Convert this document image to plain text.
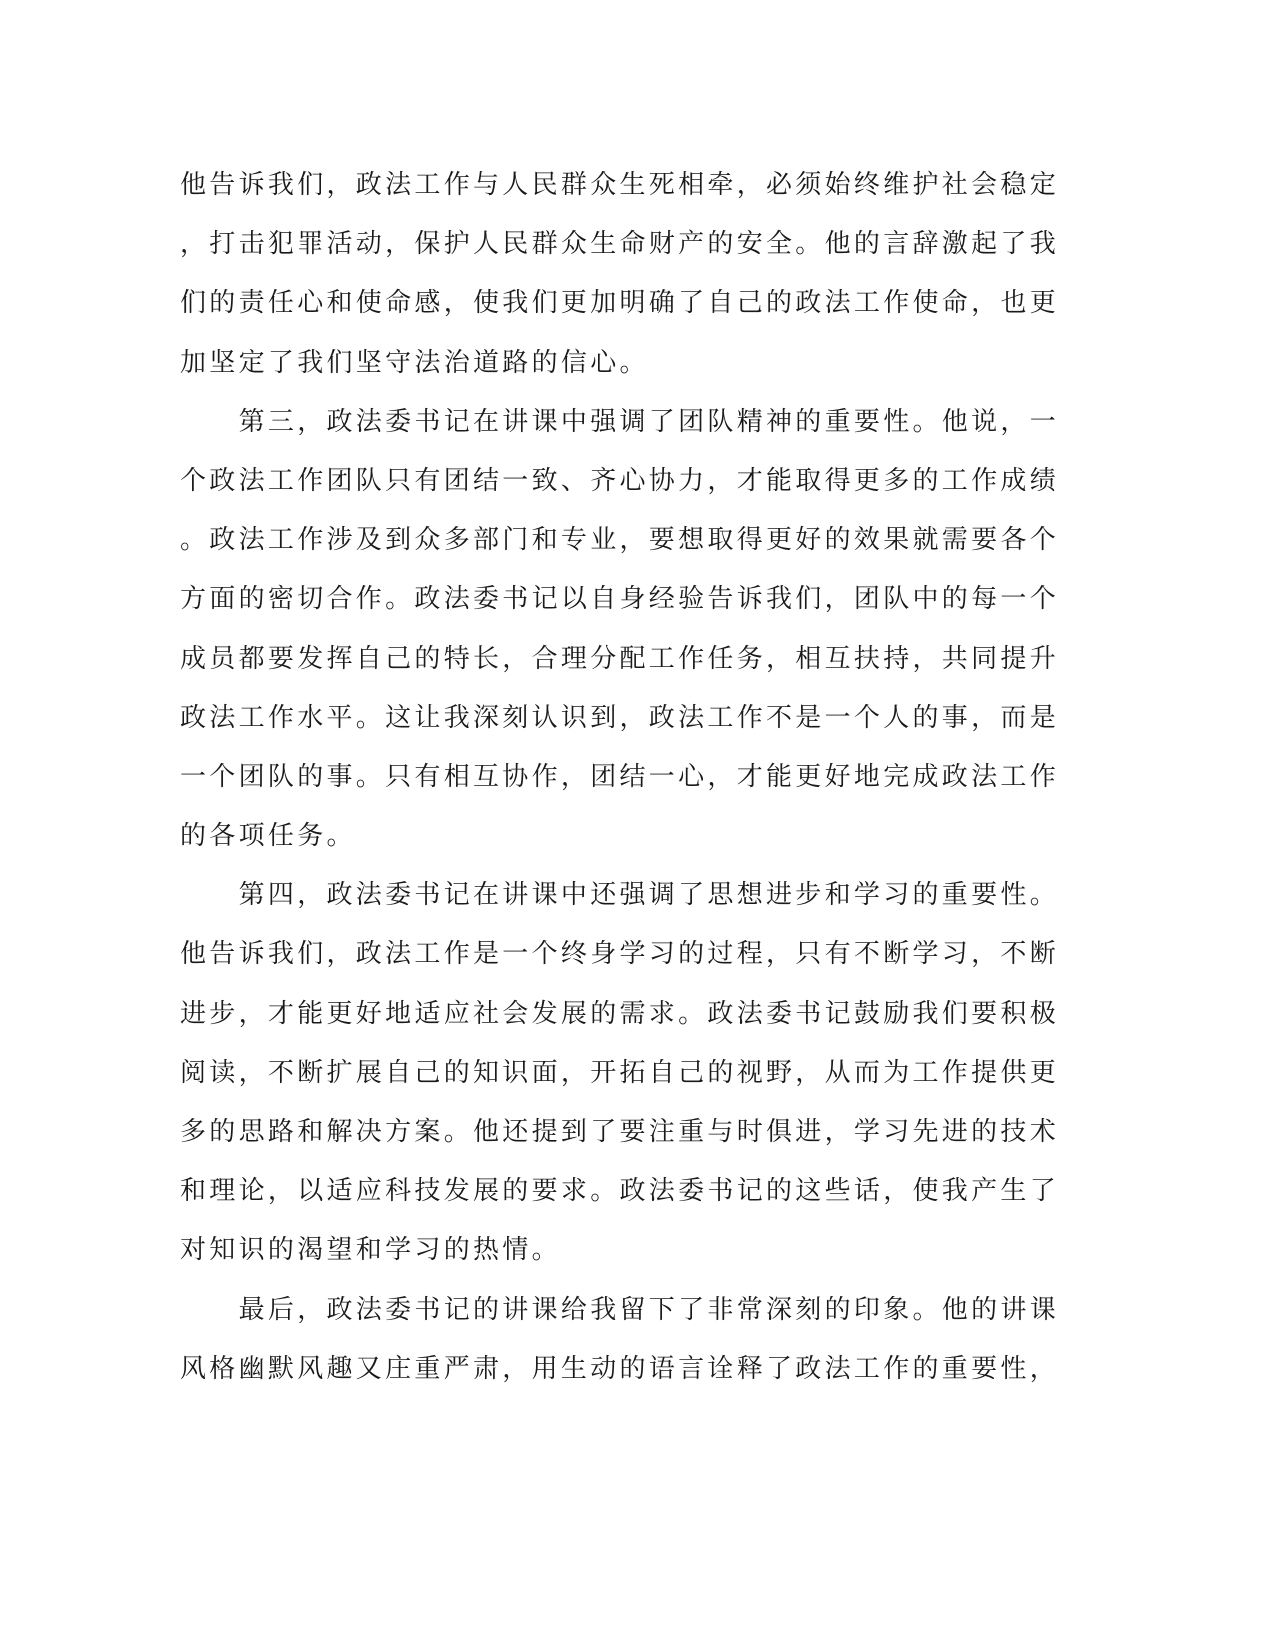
他告诉我们，政法工作与人民群众生死相牵，必须始终维护社会稳定
，打击犯罪活动，保护人民群众生命财产的安全。他的言辞激起了我
们的责任心和使命感，使我们更加明确了自己的政法工作使命，也更
加坚定了我们坚守法治道路的信心。
　　第三，政法委书记在讲课中强调了团队精神的重要性。他说，一
个政法工作团队只有团结一致、齐心协力，才能取得更多的工作成绩
。政法工作涉及到众多部门和专业，要想取得更好的效果就需要各个
方面的密切合作。政法委书记以自身经验告诉我们，团队中的每一个
成员都要发挥自己的特长，合理分配工作任务，相互扶持，共同提升
政法工作水平。这让我深刻认识到，政法工作不是一个人的事，而是
一个团队的事。只有相互协作，团结一心，才能更好地完成政法工作
的各项任务。
　　第四，政法委书记在讲课中还强调了思想进步和学习的重要性。
他告诉我们，政法工作是一个终身学习的过程，只有不断学习，不断
进步，才能更好地适应社会发展的需求。政法委书记鼓励我们要积极
阅读，不断扩展自己的知识面，开拓自己的视野，从而为工作提供更
多的思路和解决方案。他还提到了要注重与时俱进，学习先进的技术
和理论，以适应科技发展的要求。政法委书记的这些话，使我产生了
对知识的渴望和学习的热情。
　　最后，政法委书记的讲课给我留下了非常深刻的印象。他的讲课
风格幽默风趣又庄重严肃，用生动的语言诠释了政法工作的重要性，
